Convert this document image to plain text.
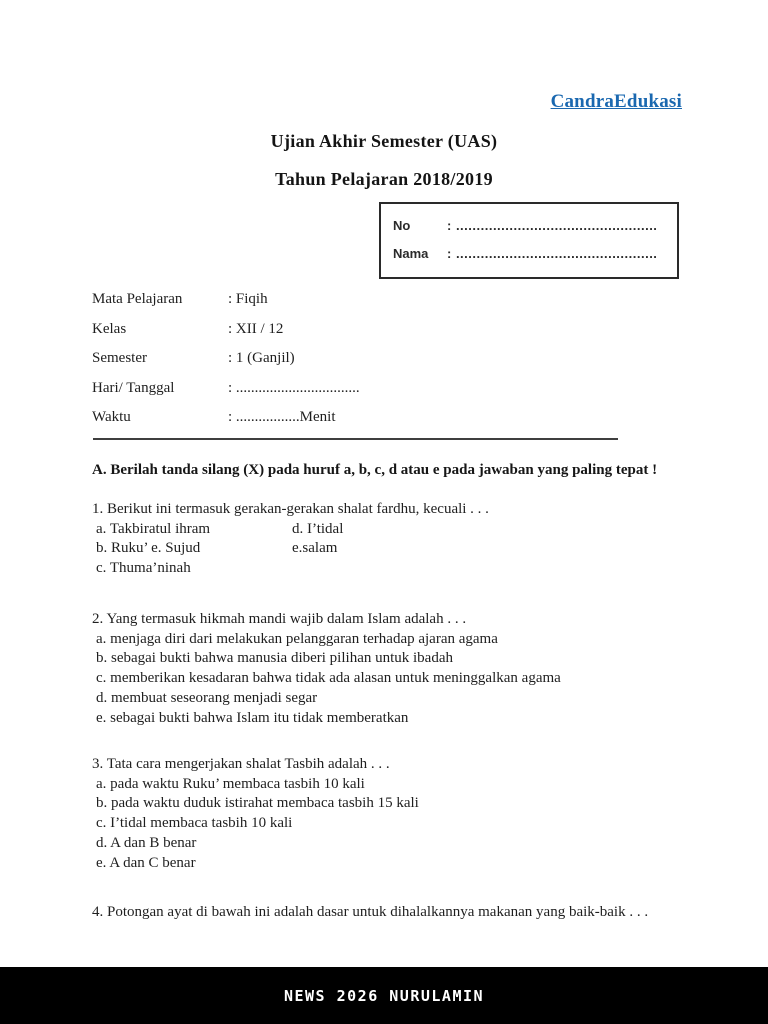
CandraEdukasi
Ujian Akhir Semester (UAS)
Tahun Pelajaran 2018/2019
No	: .................................................
Nama	: .................................................
Mata Pelajaran	: Fiqih
Kelas	: XII / 12
Semester	: 1 (Ganjil)
Hari/ Tanggal	: .................................
Waktu	: .................Menit
A. Berilah tanda silang (X) pada huruf a, b, c, d atau e pada jawaban yang paling tepat !
1. Berikut ini termasuk gerakan-gerakan shalat fardhu, kecuali . . .
a. Takbiratul ihram	d. I’tidal
b. Ruku’ e. Sujud	e.salam
c. Thuma’ninah
2. Yang termasuk hikmah mandi wajib dalam Islam adalah . . .
a. menjaga diri dari melakukan pelanggaran terhadap ajaran agama
b. sebagai bukti bahwa manusia diberi pilihan untuk ibadah
c. memberikan kesadaran bahwa tidak ada alasan untuk meninggalkan agama
d. membuat seseorang menjadi segar
e. sebagai bukti bahwa Islam itu tidak memberatkan
3. Tata cara mengerjakan shalat Tasbih adalah . . .
a. pada waktu Ruku’ membaca tasbih 10 kali
b. pada waktu duduk istirahat membaca tasbih 15 kali
c. I’tidal membaca tasbih 10 kali
d. A dan B benar
e. A dan C benar
4. Potongan ayat di bawah ini adalah dasar untuk dihalalkannya makanan yang baik-baik . . .
NEWS 2026 NURULAMIN
